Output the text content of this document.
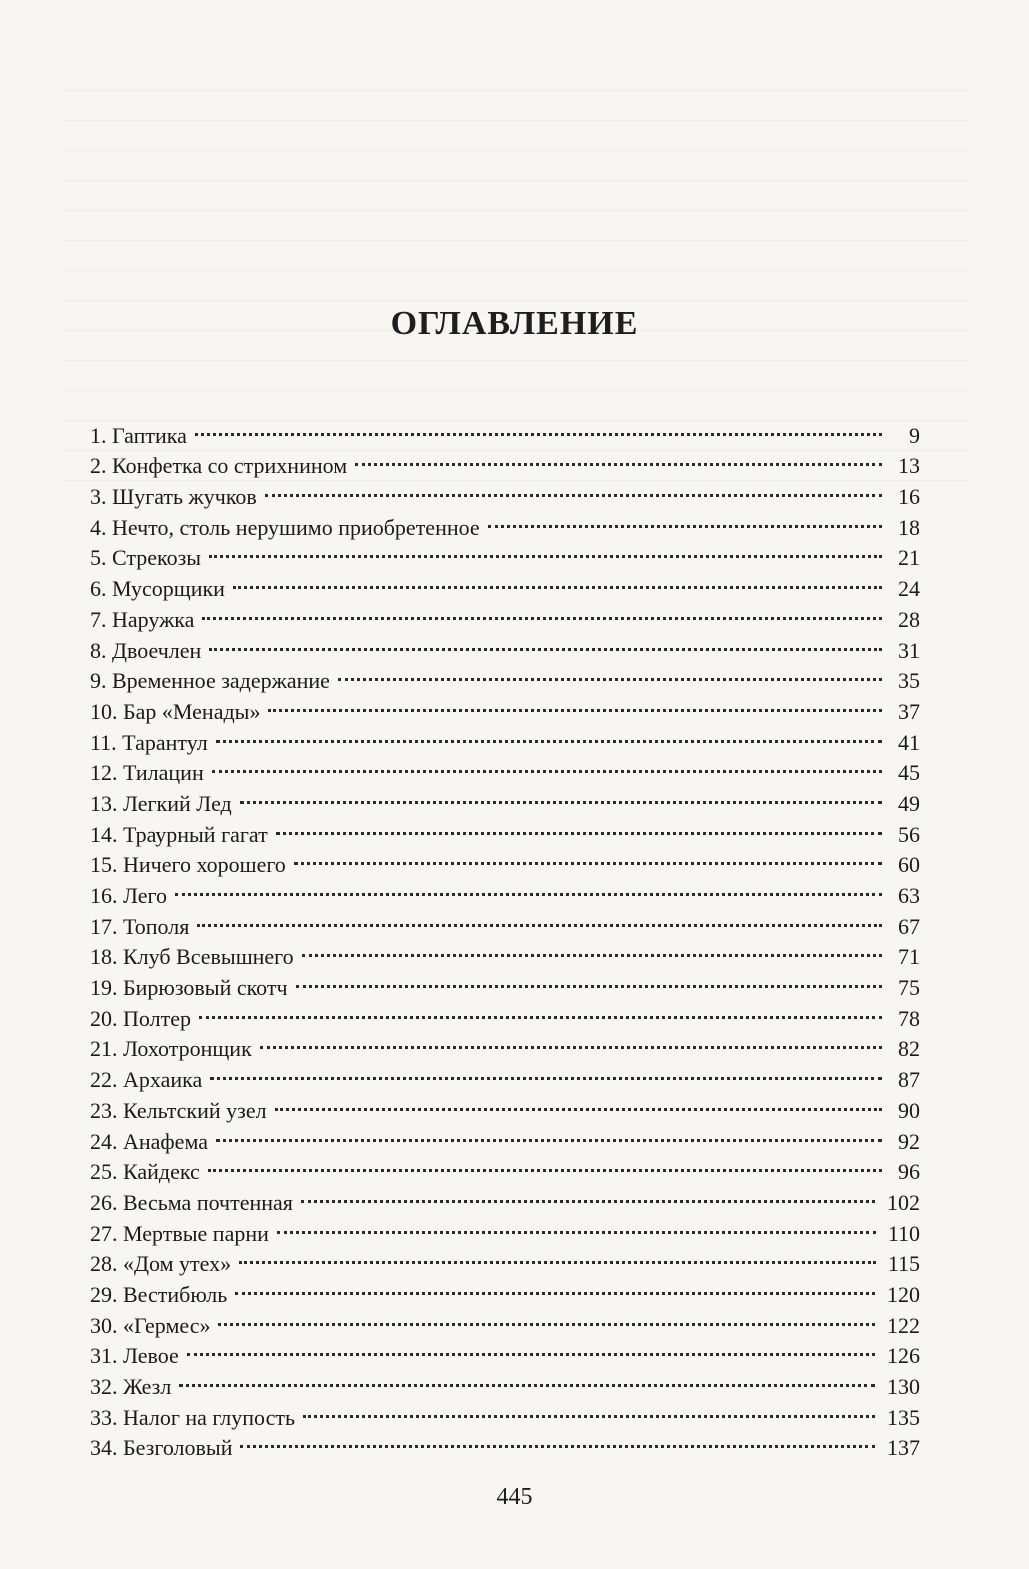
ОГЛАВЛЕНИЕ
1. Гаптика	9
2. Конфетка со стрихнином	13
3. Шугать жучков	16
4. Нечто, столь нерушимо приобретенное	18
5. Стрекозы	21
6. Мусорщики	24
7. Наружка	28
8. Двоечлен	31
9. Временное задержание	35
10. Бар «Менады»	37
11. Тарантул	41
12. Тилацин	45
13. Легкий Лед	49
14. Траурный гагат	56
15. Ничего хорошего	60
16. Лего	63
17. Тополя	67
18. Клуб Всевышнего	71
19. Бирюзовый скотч	75
20. Полтер	78
21. Лохотронщик	82
22. Архаика	87
23. Кельтский узел	90
24. Анафема	92
25. Кайдекс	96
26. Весьма почтенная	102
27. Мертвые парни	110
28. «Дом утех»	115
29. Вестибюль	120
30. «Гермес»	122
31. Левое	126
32. Жезл	130
33. Налог на глупость	135
34. Безголовый	137
445
